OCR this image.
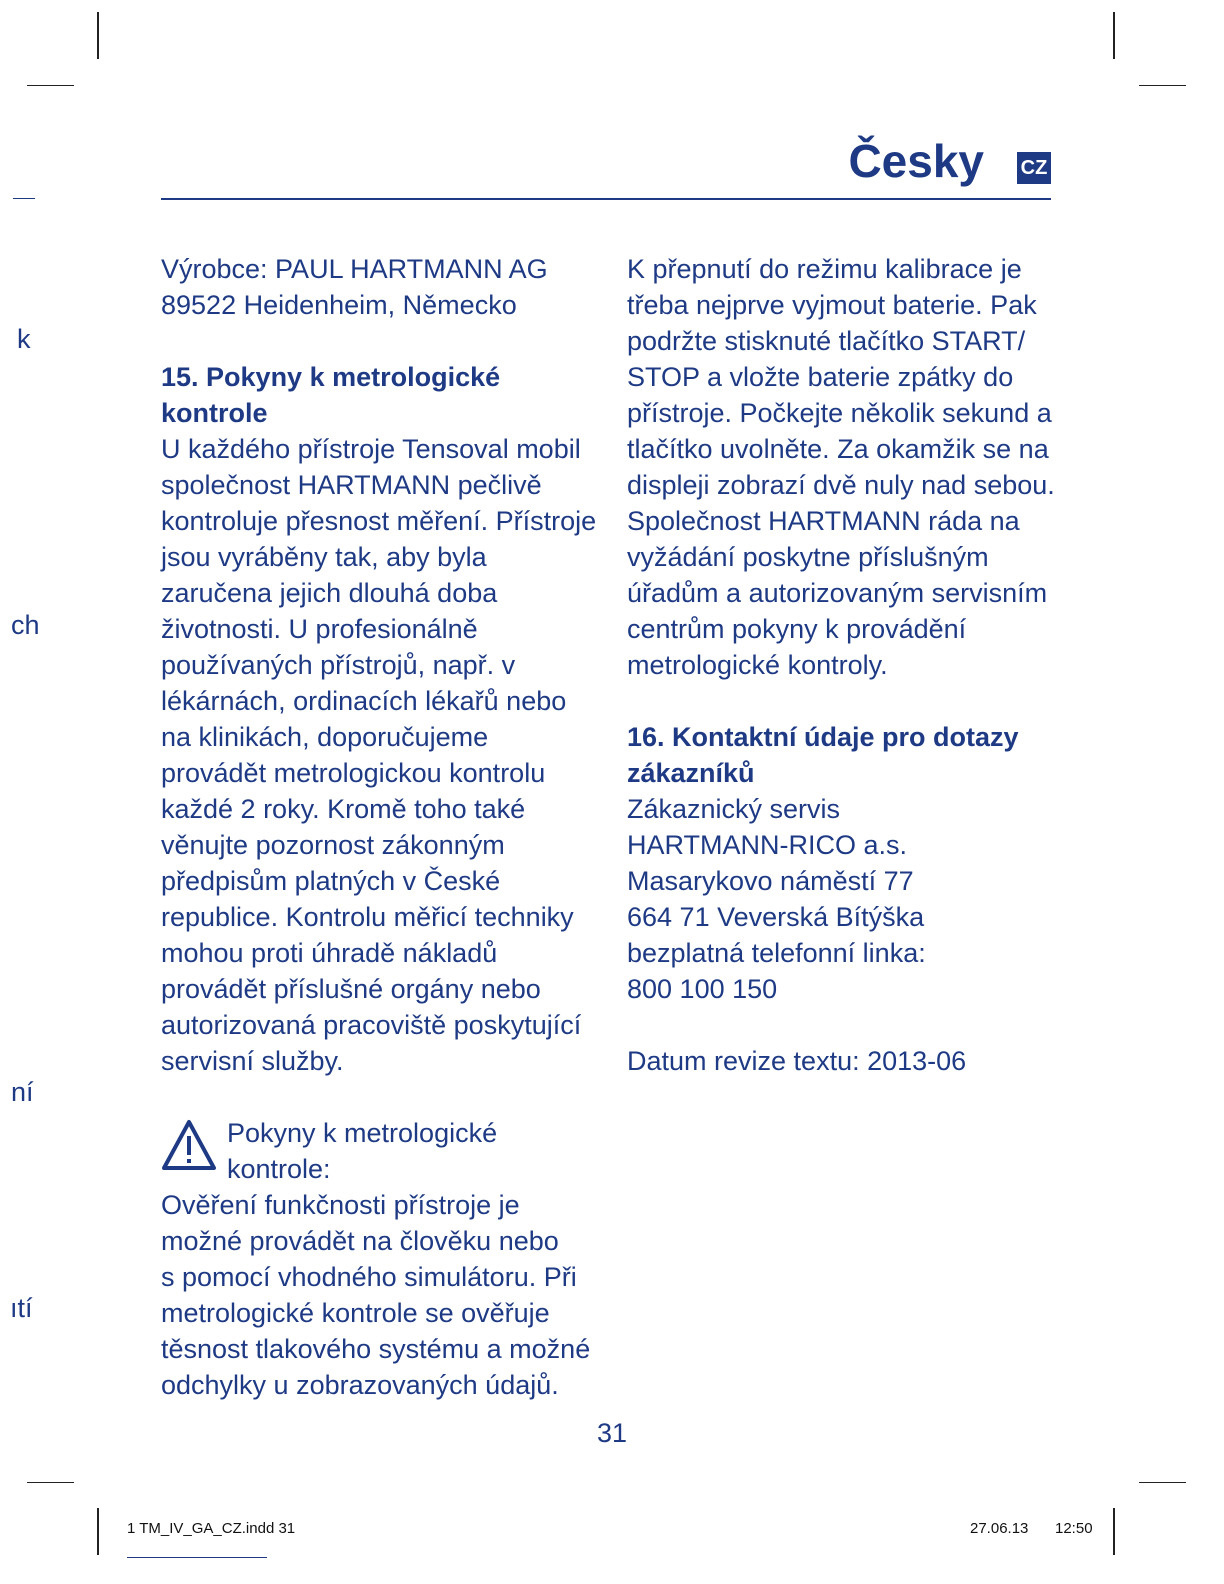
k
ch
ní
ıtí
Česky CZ

Výrobce: PAUL HARTMANN AG

89522 Heidenheim, Německo

15. Pokyny k metrologické

kontrole

U každého přístroje Tensoval mobil

společnost HARTMANN pečlivě

kontroluje přesnost měření. Přístroje

jsou vyráběny tak, aby byla

zaručena jejich dlouhá doba

životnosti. U profesionálně

používaných přístrojů, např. v

lékárnách, ordinacích lékařů nebo

na klinikách, doporučujeme

provádět metrologickou kontrolu

každé 2 roky. Kromě toho také

věnujte pozornost zákonným

předpisům platných v České

republice. Kontrolu měřicí techniky

mohou proti úhradě nákladů

provádět příslušné orgány nebo

autorizovaná pracoviště poskytující

servisní služby.

Pokyny k metrologické

kontrole:

Ověření funkčnosti přístroje je

možné provádět na člověku nebo

s pomocí vhodného simulátoru. Při

metrologické kontrole se ověřuje

těsnost tlakového systému a možné

odchylky u zobrazovaných údajů.

K přepnutí do režimu kalibrace je

třeba nejprve vyjmout baterie. Pak

podržte stisknuté tlačítko START/

STOP a vložte baterie zpátky do

přístroje. Počkejte několik sekund a

tlačítko uvolněte. Za okamžik se na

displeji zobrazí dvě nuly nad sebou.

Společnost HARTMANN ráda na

vyžádání poskytne příslušným

úřadům a autorizovaným servisním

centrům pokyny k provádění

metrologické kontroly.

16. Kontaktní údaje pro dotazy

zákazníků

Zákaznický servis

HARTMANN-RICO a.s.

Masarykovo náměstí 77

664 71 Veverská Bítýška

bezplatná telefonní linka:

800 100 150

Datum revize textu: 2013-06

31
1 TM_IV_GA_CZ.indd 31	27.06.13 12:50
